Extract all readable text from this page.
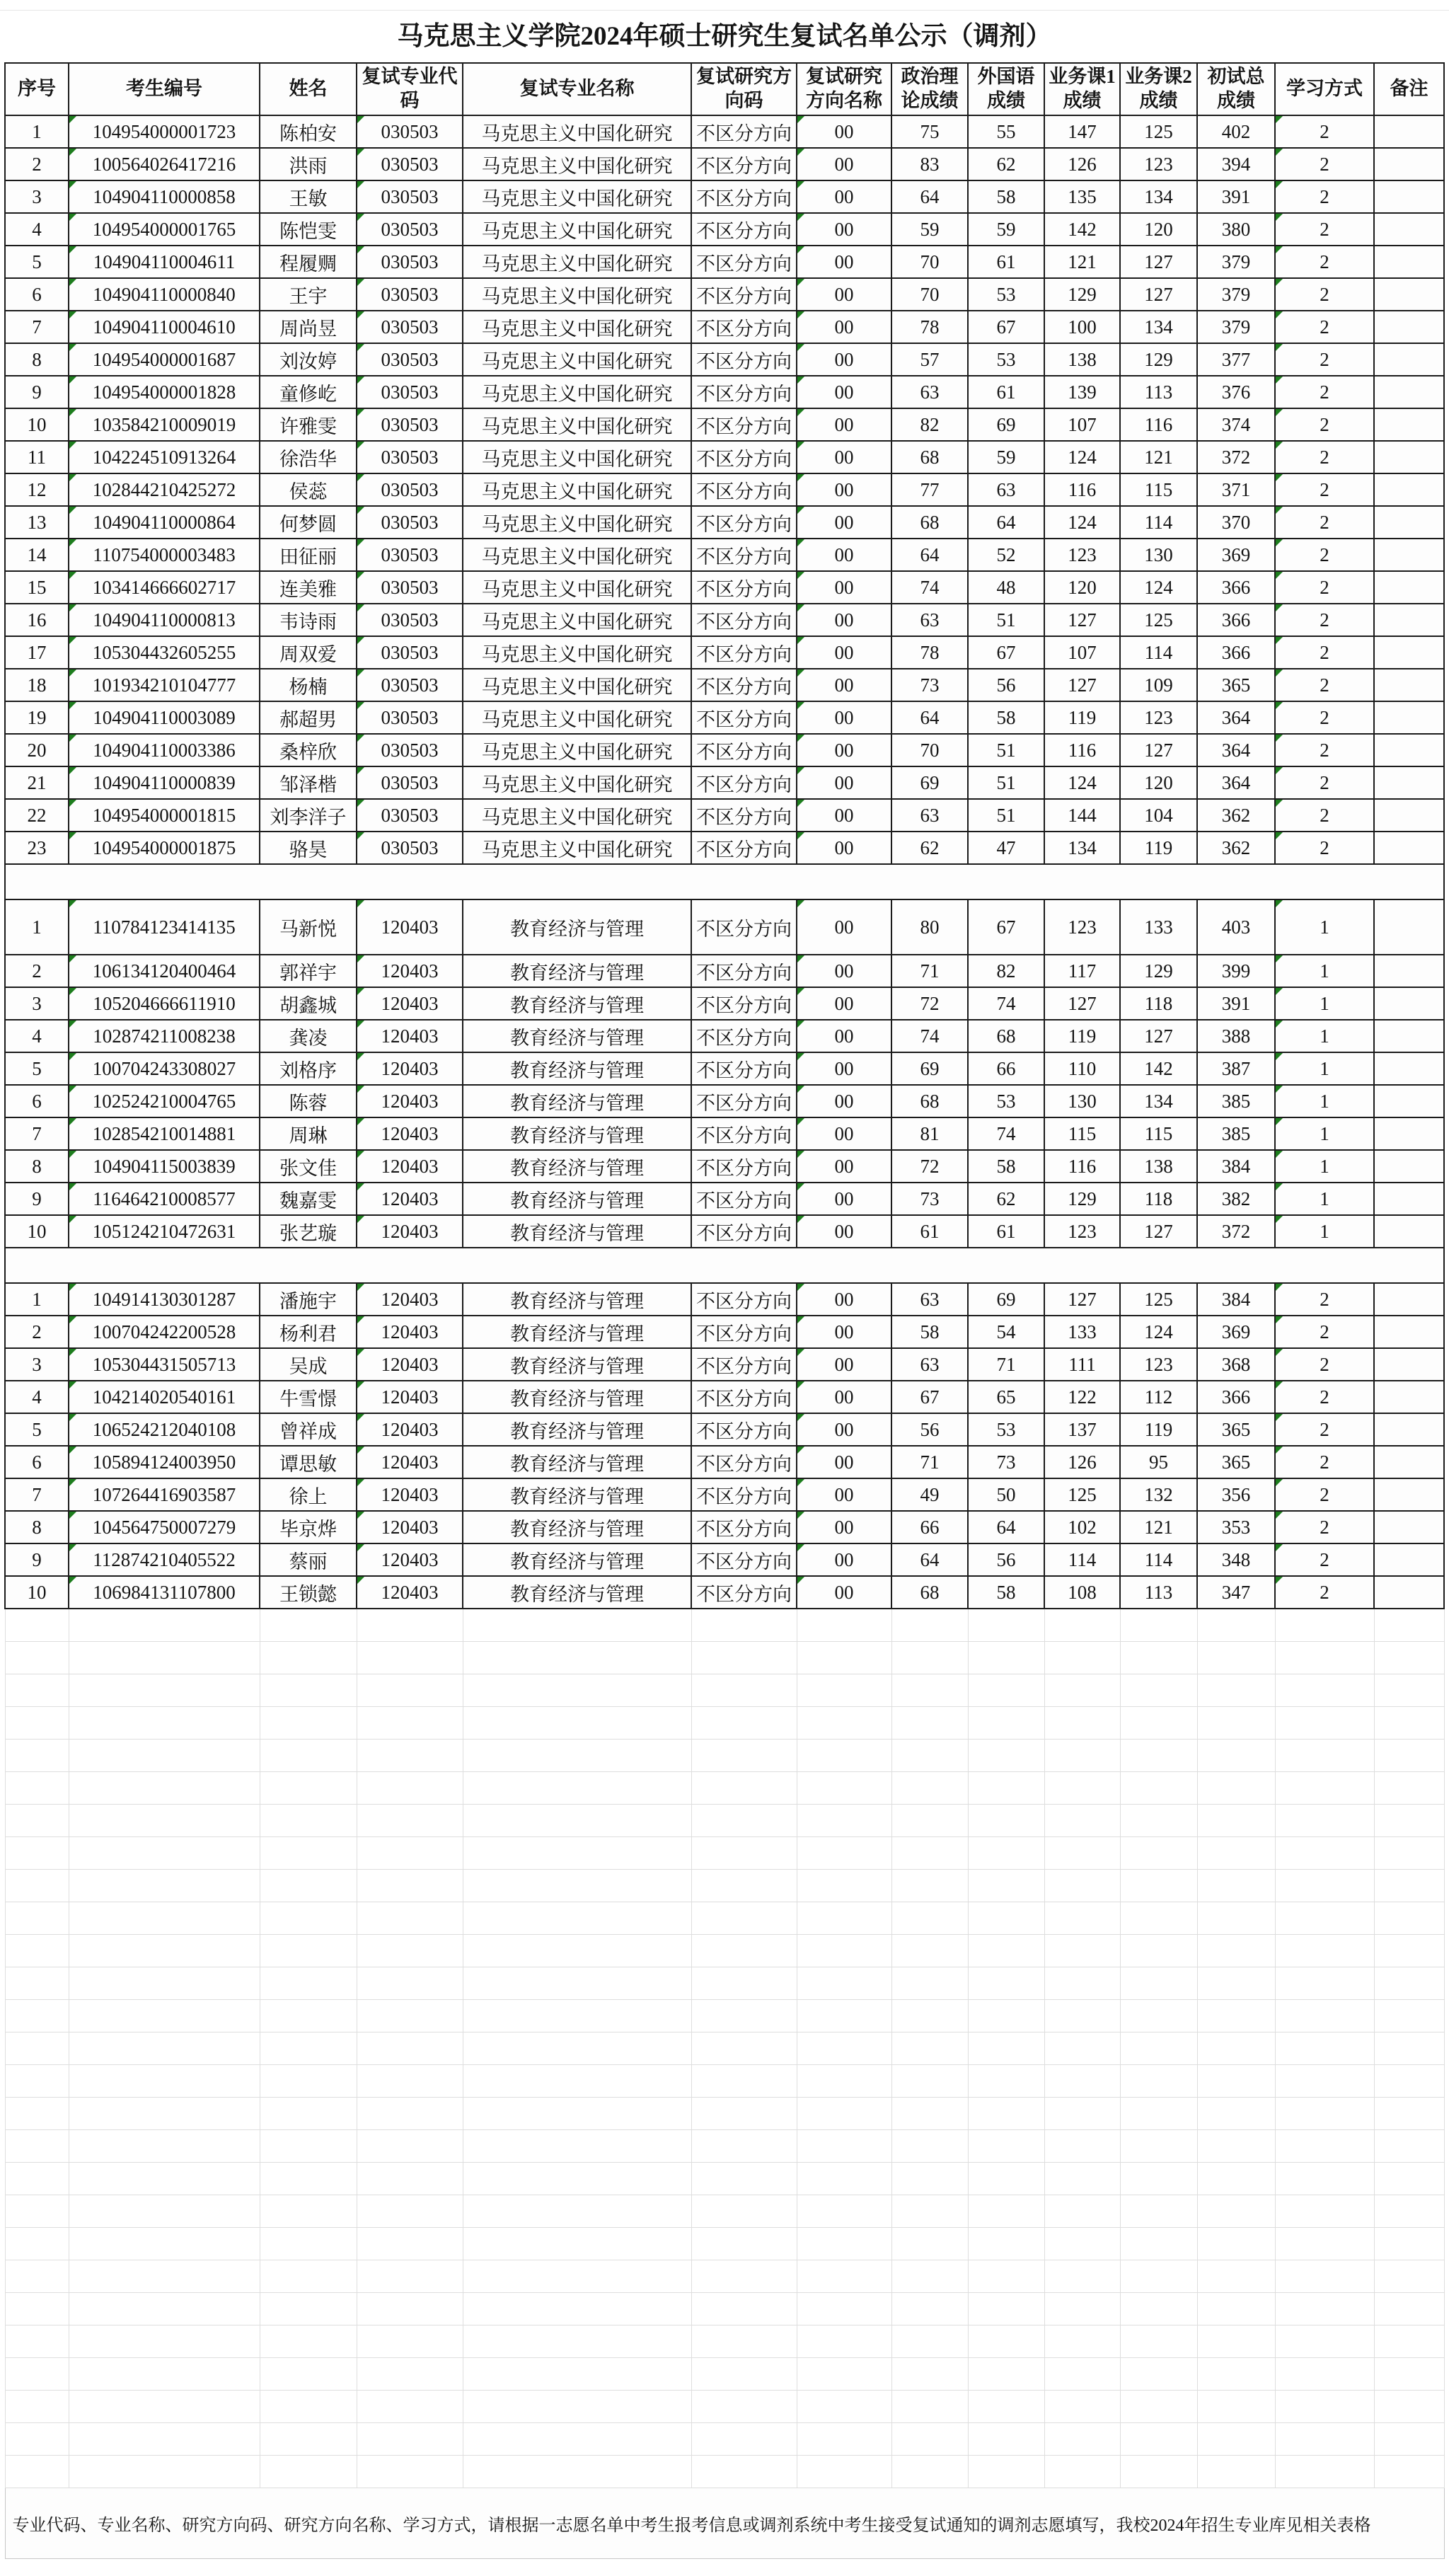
马克思主义学院2024年硕士研究生复试名单公示（调剂）
序号	考生编号	姓名	复试专业代码	复试专业名称	复试研究方向码	复试研究方向名称	政治理论成绩	外国语成绩	业务课1成绩	业务课2成绩	初试总成绩	学习方式	备注
1	104954000001723	陈柏安	030503	马克思主义中国化研究	不区分方向	00	75	55	147	125	402	2

2	100564026417216	洪雨	030503	马克思主义中国化研究	不区分方向	00	83	62	126	123	394	2

3	104904110000858	王敏	030503	马克思主义中国化研究	不区分方向	00	64	58	135	134	391	2

4	104954000001765	陈恺雯	030503	马克思主义中国化研究	不区分方向	00	59	59	142	120	380	2

5	104904110004611	程履赒	030503	马克思主义中国化研究	不区分方向	00	70	61	121	127	379	2

6	104904110000840	王宇	030503	马克思主义中国化研究	不区分方向	00	70	53	129	127	379	2

7	104904110004610	周尚昱	030503	马克思主义中国化研究	不区分方向	00	78	67	100	134	379	2

8	104954000001687	刘汝婷	030503	马克思主义中国化研究	不区分方向	00	57	53	138	129	377	2

9	104954000001828	童修屹	030503	马克思主义中国化研究	不区分方向	00	63	61	139	113	376	2

10	103584210009019	许雅雯	030503	马克思主义中国化研究	不区分方向	00	82	69	107	116	374	2

11	104224510913264	徐浩华	030503	马克思主义中国化研究	不区分方向	00	68	59	124	121	372	2

12	102844210425272	侯蕊	030503	马克思主义中国化研究	不区分方向	00	77	63	116	115	371	2

13	104904110000864	何梦圆	030503	马克思主义中国化研究	不区分方向	00	68	64	124	114	370	2

14	110754000003483	田征丽	030503	马克思主义中国化研究	不区分方向	00	64	52	123	130	369	2

15	103414666602717	连美雅	030503	马克思主义中国化研究	不区分方向	00	74	48	120	124	366	2

16	104904110000813	韦诗雨	030503	马克思主义中国化研究	不区分方向	00	63	51	127	125	366	2

17	105304432605255	周双爱	030503	马克思主义中国化研究	不区分方向	00	78	67	107	114	366	2

18	101934210104777	杨楠	030503	马克思主义中国化研究	不区分方向	00	73	56	127	109	365	2

19	104904110003089	郝超男	030503	马克思主义中国化研究	不区分方向	00	64	58	119	123	364	2

20	104904110003386	桑梓欣	030503	马克思主义中国化研究	不区分方向	00	70	51	116	127	364	2

21	104904110000839	邹泽楷	030503	马克思主义中国化研究	不区分方向	00	69	51	124	120	364	2

22	104954000001815	刘李洋子	030503	马克思主义中国化研究	不区分方向	00	63	51	144	104	362	2

23	104954000001875	骆昊	030503	马克思主义中国化研究	不区分方向	00	62	47	134	119	362	2

1	110784123414135	马新悦	120403	教育经济与管理	不区分方向	00	80	67	123	133	403	1

2	106134120400464	郭祥宇	120403	教育经济与管理	不区分方向	00	71	82	117	129	399	1

3	105204666611910	胡鑫城	120403	教育经济与管理	不区分方向	00	72	74	127	118	391	1

4	102874211008238	龚凌	120403	教育经济与管理	不区分方向	00	74	68	119	127	388	1

5	100704243308027	刘格序	120403	教育经济与管理	不区分方向	00	69	66	110	142	387	1

6	102524210004765	陈蓉	120403	教育经济与管理	不区分方向	00	68	53	130	134	385	1

7	102854210014881	周琳	120403	教育经济与管理	不区分方向	00	81	74	115	115	385	1

8	104904115003839	张文佳	120403	教育经济与管理	不区分方向	00	72	58	116	138	384	1

9	116464210008577	魏嘉雯	120403	教育经济与管理	不区分方向	00	73	62	129	118	382	1

10	105124210472631	张艺璇	120403	教育经济与管理	不区分方向	00	61	61	123	127	372	1

1	104914130301287	潘施宇	120403	教育经济与管理	不区分方向	00	63	69	127	125	384	2

2	100704242200528	杨利君	120403	教育经济与管理	不区分方向	00	58	54	133	124	369	2

3	105304431505713	吴成	120403	教育经济与管理	不区分方向	00	63	71	111	123	368	2

4	104214020540161	牛雪憬	120403	教育经济与管理	不区分方向	00	67	65	122	112	366	2

5	106524212040108	曾祥成	120403	教育经济与管理	不区分方向	00	56	53	137	119	365	2

6	105894124003950	谭思敏	120403	教育经济与管理	不区分方向	00	71	73	126	95	365	2

7	107264416903587	徐上	120403	教育经济与管理	不区分方向	00	49	50	125	132	356	2

8	104564750007279	毕京烨	120403	教育经济与管理	不区分方向	00	66	64	102	121	353	2

9	112874210405522	蔡丽	120403	教育经济与管理	不区分方向	00	64	56	114	114	348	2

10	106984131107800	王锁懿	120403	教育经济与管理	不区分方向	00	68	58	108	113	347	2

专业代码、专业名称、研究方向码、研究方向名称、学习方式，请根据一志愿名单中考生报考信息或调剂系统中考生接受复试通知的调剂志愿填写，我校2024年招生专业库见相关表格													
